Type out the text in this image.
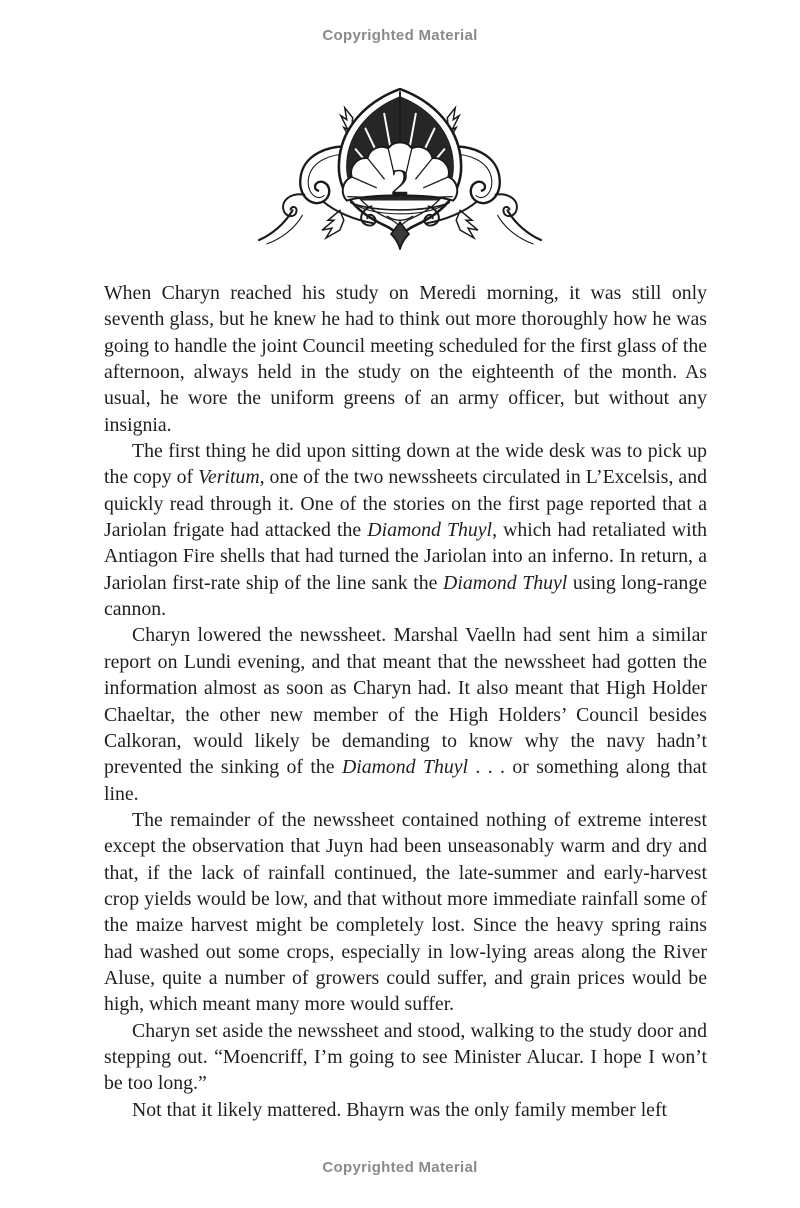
Copyrighted Material
2

When Charyn reached his study on Meredi morning, it was still only seventh glass, but he knew he had to think out more thoroughly how he was going to handle the joint Council meeting scheduled for the first glass of the afternoon, always held in the study on the eighteenth of the month. As usual, he wore the uniform greens of an army officer, but without any insignia.

The first thing he did upon sitting down at the wide desk was to pick up the copy of Veritum, one of the two newssheets circulated in L’Excelsis, and quickly read through it. One of the stories on the first page reported that a Jariolan frigate had attacked the Diamond Thuyl, which had retaliated with Antiagon Fire shells that had turned the Jariolan into an inferno. In return, a Jariolan first-rate ship of the line sank the Diamond Thuyl using long-range cannon.

Charyn lowered the newssheet. Marshal Vaelln had sent him a similar report on Lundi evening, and that meant that the newssheet had gotten the information almost as soon as Charyn had. It also meant that High Holder Chaeltar, the other new member of the High Holders’ Council besides Calkoran, would likely be demanding to know why the navy hadn’t prevented the sinking of the Diamond Thuyl . . . or something along that line.

The remainder of the newssheet contained nothing of extreme interest except the observation that Juyn had been unseasonably warm and dry and that, if the lack of rainfall continued, the late-summer and early-harvest crop yields would be low, and that without more immediate rainfall some of the maize harvest might be completely lost. Since the heavy spring rains had washed out some crops, especially in low-lying areas along the River Aluse, quite a number of growers could suffer, and grain prices would be high, which meant many more would suffer.

Charyn set aside the newssheet and stood, walking to the study door and stepping out. “Moencriff, I’m going to see Minister Alucar. I hope I won’t be too long.”

Not that it likely mattered. Bhayrn was the only family member left

Copyrighted Material
